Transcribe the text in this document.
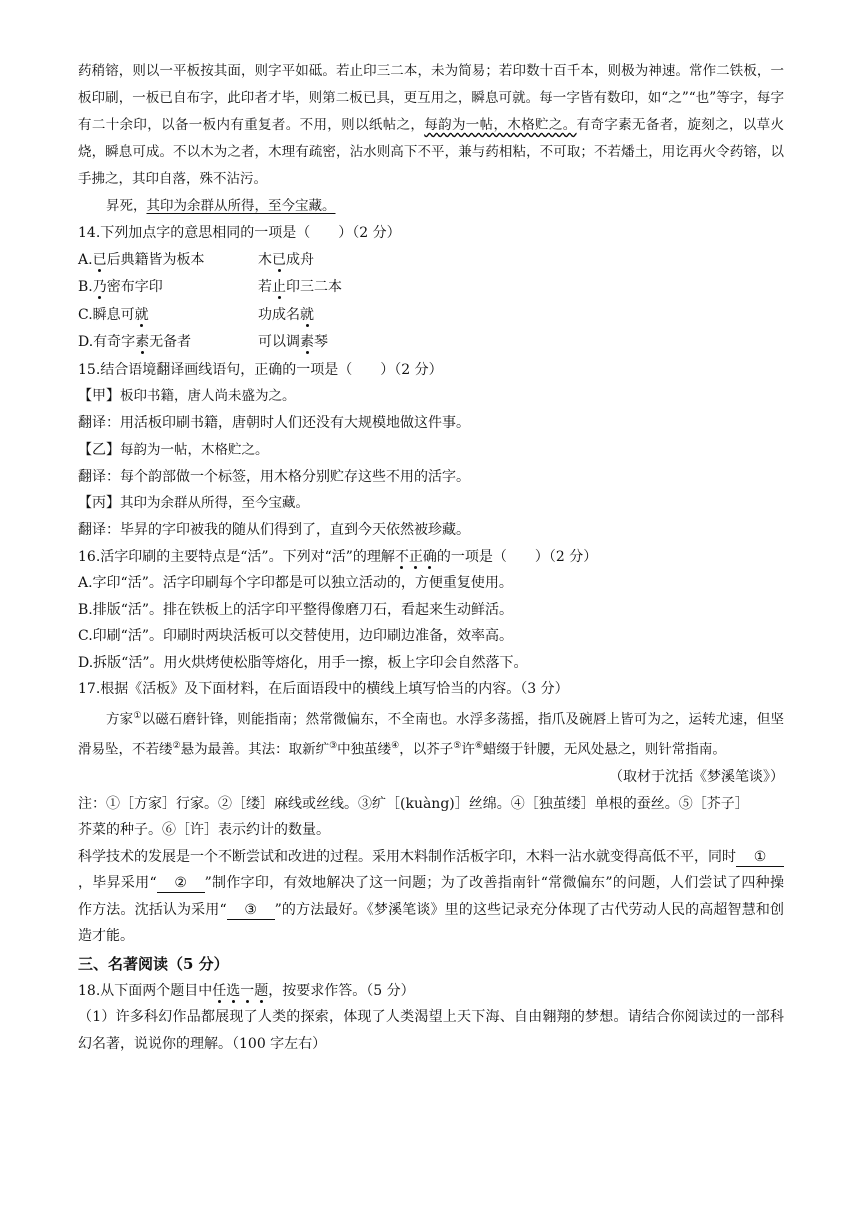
药稍镕，则以一平板按其面，则字平如砥。若止印三二本，未为简易；若印数十百千本，则极为神速。常作二铁板，一板印刷，一板已自布字，此印者才毕，则第二板已具，更互用之，瞬息可就。每一字皆有数印，如“之”“也”等字，每字有二十余印，以备一板内有重复者。不用，则以纸帖之，每韵为一帖，木格贮之。有奇字素无备者，旋刻之，以草火烧，瞬息可成。不以木为之者，木理有疏密，沾水则高下不平，兼与药相粘，不可取；不若燔土，用讫再火令药镕，以手拂之，其印自落，殊不沾污。

昇死，其印为余群从所得，至今宝藏。

14.下列加点字的意思相同的一项是（　　）（2 分）

A.已后典籍皆为板本	木已成舟
B.乃密布字印	若止印三二本
C.瞬息可就	功成名就
D.有奇字素无备者	可以调素琴

15.结合语境翻译画线语句，正确的一项是（　　）（2 分）

【甲】板印书籍，唐人尚未盛为之。

翻译：用活板印刷书籍，唐朝时人们还没有大规模地做这件事。

【乙】每韵为一帖，木格贮之。

翻译：每个韵部做一个标签，用木格分别贮存这些不用的活字。

【丙】其印为余群从所得，至今宝藏。

翻译：毕昇的字印被我的随从们得到了，直到今天依然被珍藏。

16.活字印刷的主要特点是“活”。下列对“活”的理解不正确的一项是（　　）（2 分）

A.字印“活”。活字印刷每个字印都是可以独立活动的，方便重复使用。

B.排版“活”。排在铁板上的活字印平整得像磨刀石，看起来生动鲜活。

C.印刷“活”。印刷时两块活板可以交替使用，边印刷边准备，效率高。

D.拆版“活”。用火烘烤使松脂等熔化，用手一擦，板上字印会自然落下。

17.根据《活板》及下面材料，在后面语段中的横线上填写恰当的内容。（3 分）

方家①以磁石磨针锋，则能指南；然常微偏东，不全南也。水浮多荡摇，指爪及碗唇上皆可为之，运转尤速，但坚滑易坠，不若缕②悬为最善。其法：取新纩③中独茧缕④，以芥子⑤许⑥蜡缀于针腰，无风处悬之，则针常指南。

（取材于沈括《梦溪笔谈》）

注：①［方家］行家。②［缕］麻线或丝线。③纩［(kuàng)］丝绵。④［独茧缕］单根的蚕丝。⑤［芥子］

芥菜的种子。⑥［许］表示约计的数量。

科学技术的发展是一个不断尝试和改进的过程。采用木料制作活板字印，木料一沾水就变得高低不平，同时 ①，毕昇采用“ ② ”制作字印，有效地解决了这一问题；为了改善指南针“常微偏东”的问题，人们尝试了四种操作方法。沈括认为采用“ ③ ”的方法最好。《梦溪笔谈》里的这些记录充分体现了古代劳动人民的高超智慧和创造才能。

三、名著阅读（5 分）

18.从下面两个题目中任选一题，按要求作答。（5 分）

（1）许多科幻作品都展现了人类的探索，体现了人类渴望上天下海、自由翱翔的梦想。请结合你阅读过的一部科幻名著，说说你的理解。（100 字左右）
